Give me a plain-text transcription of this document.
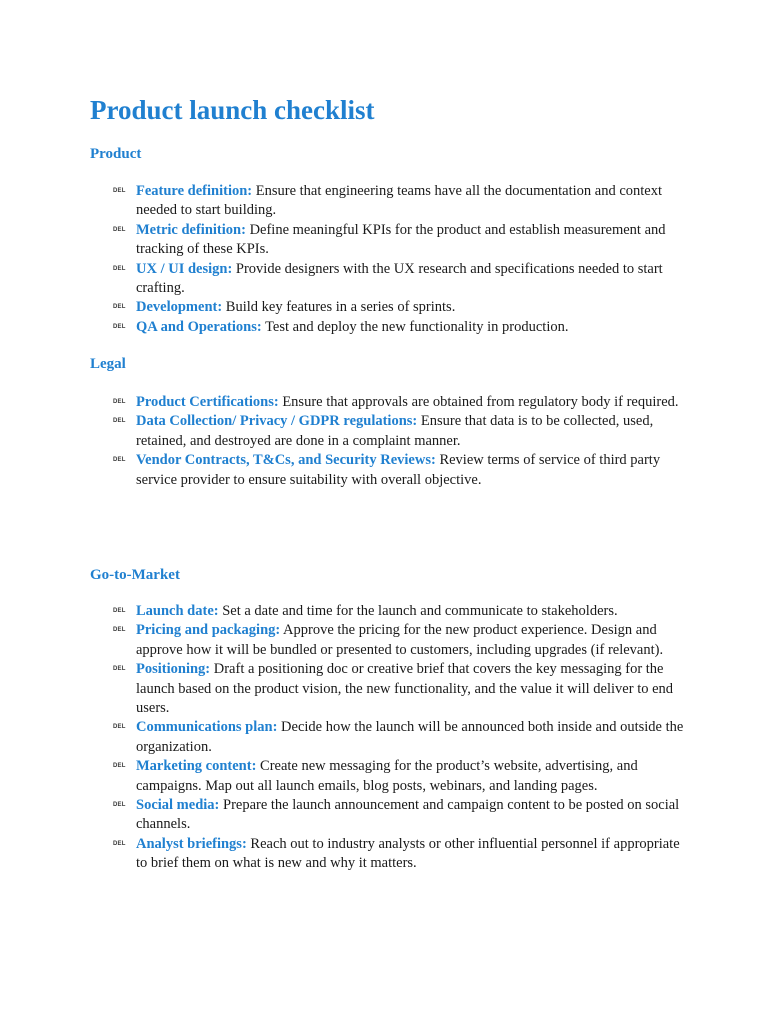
Product launch checklist
Product
DEL Feature definition: Ensure that engineering teams have all the documentation and context needed to start building.
DEL Metric definition: Define meaningful KPIs for the product and establish measurement and tracking of these KPIs.
DEL UX / UI design: Provide designers with the UX research and specifications needed to start crafting.
DEL Development: Build key features in a series of sprints.
DEL QA and Operations: Test and deploy the new functionality in production.
Legal
DEL Product Certifications: Ensure that approvals are obtained from regulatory body if required.
DEL Data Collection/ Privacy / GDPR regulations: Ensure that data is to be collected, used, retained, and destroyed are done in a complaint manner.
DEL Vendor Contracts, T&Cs, and Security Reviews: Review terms of service of third party service provider to ensure suitability with overall objective.
Go-to-Market
DEL Launch date: Set a date and time for the launch and communicate to stakeholders.
DEL Pricing and packaging: Approve the pricing for the new product experience. Design and approve how it will be bundled or presented to customers, including upgrades (if relevant).
DEL Positioning: Draft a positioning doc or creative brief that covers the key messaging for the launch based on the product vision, the new functionality, and the value it will deliver to end users.
DEL Communications plan: Decide how the launch will be announced both inside and outside the organization.
DEL Marketing content: Create new messaging for the product’s website, advertising, and campaigns. Map out all launch emails, blog posts, webinars, and landing pages.
DEL Social media: Prepare the launch announcement and campaign content to be posted on social channels.
DEL Analyst briefings: Reach out to industry analysts or other influential personnel if appropriate to brief them on what is new and why it matters.
